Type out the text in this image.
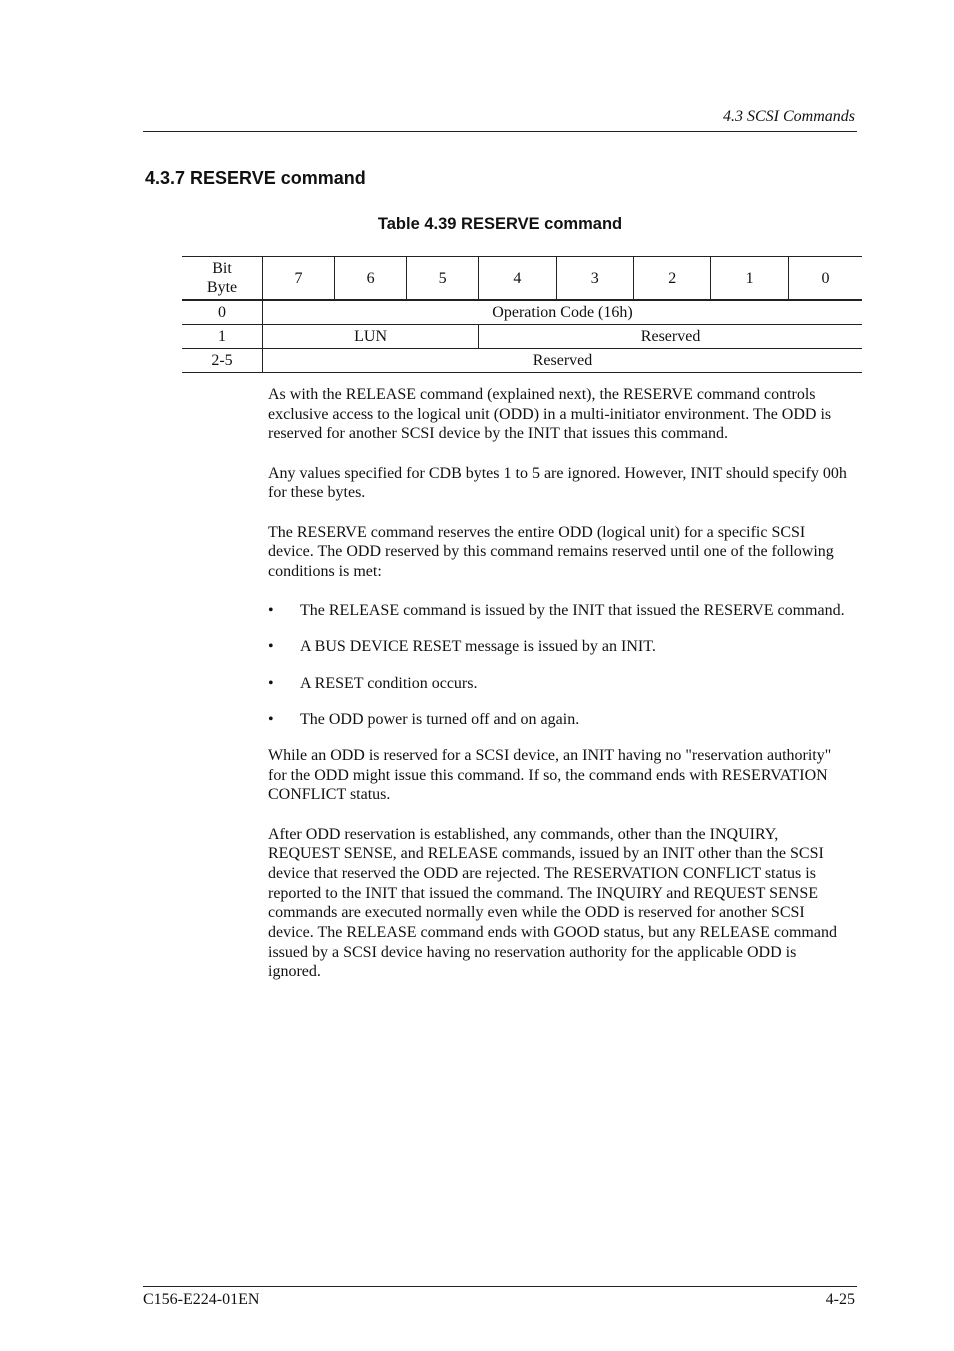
4.3 SCSI Commands
4.3.7 RESERVE command
Table 4.39 RESERVE command
Bit
Byte	7	6	5	4	3	2	1	0
0	Operation Code (16h)							
1	LUN			Reserved				
2-5	Reserved							

As with the RELEASE command (explained next), the RESERVE command controls exclusive access to the logical unit (ODD) in a multi-initiator environment. The ODD is reserved for another SCSI device by the INIT that issues this command.

Any values specified for CDB bytes 1 to 5 are ignored. However, INIT should specify 00h for these bytes.

The RESERVE command reserves the entire ODD (logical unit) for a specific SCSI device. The ODD reserved by this command remains reserved until one of the following conditions is met:

• The RELEASE command is issued by the INIT that issued the RESERVE command.
• A BUS DEVICE RESET message is issued by an INIT.
• A RESET condition occurs.
• The ODD power is turned off and on again.

While an ODD is reserved for a SCSI device, an INIT having no "reservation authority" for the ODD might issue this command. If so, the command ends with RESERVATION CONFLICT status.

After ODD reservation is established, any commands, other than the INQUIRY, REQUEST SENSE, and RELEASE commands, issued by an INIT other than the SCSI device that reserved the ODD are rejected. The RESERVATION CONFLICT status is reported to the INIT that issued the command. The INQUIRY and REQUEST SENSE commands are executed normally even while the ODD is reserved for another SCSI device. The RELEASE command ends with GOOD status, but any RELEASE command issued by a SCSI device having no reservation authority for the applicable ODD is ignored.

C156-E224-01EN	4-25
